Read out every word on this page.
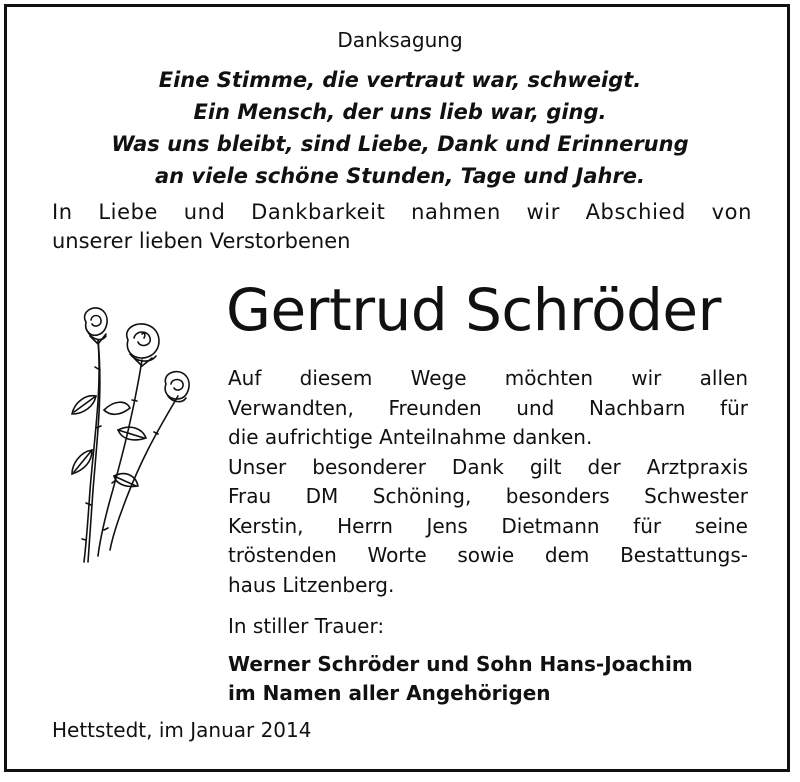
Danksagung
Eine Stimme, die vertraut war, schweigt.
Ein Mensch, der uns lieb war, ging.
Was uns bleibt, sind Liebe, Dank und Erinnerung
an viele schöne Stunden, Tage und Jahre.
In Liebe und Dankbarkeit nahmen wir Abschied von
unserer lieben Verstorbenen
Gertrud Schröder
Auf diesem Wege möchten wir allen
Verwandten, Freunden und Nachbarn für
die aufrichtige Anteilnahme danken.
Unser besonderer Dank gilt der Arztpraxis
Frau DM Schöning, besonders Schwester
Kerstin, Herrn Jens Dietmann für seine
tröstenden Worte sowie dem Bestattungs-
haus Litzenberg.
In stiller Trauer:
Werner Schröder und Sohn Hans-Joachim
im Namen aller Angehörigen
Hettstedt, im Januar 2014
